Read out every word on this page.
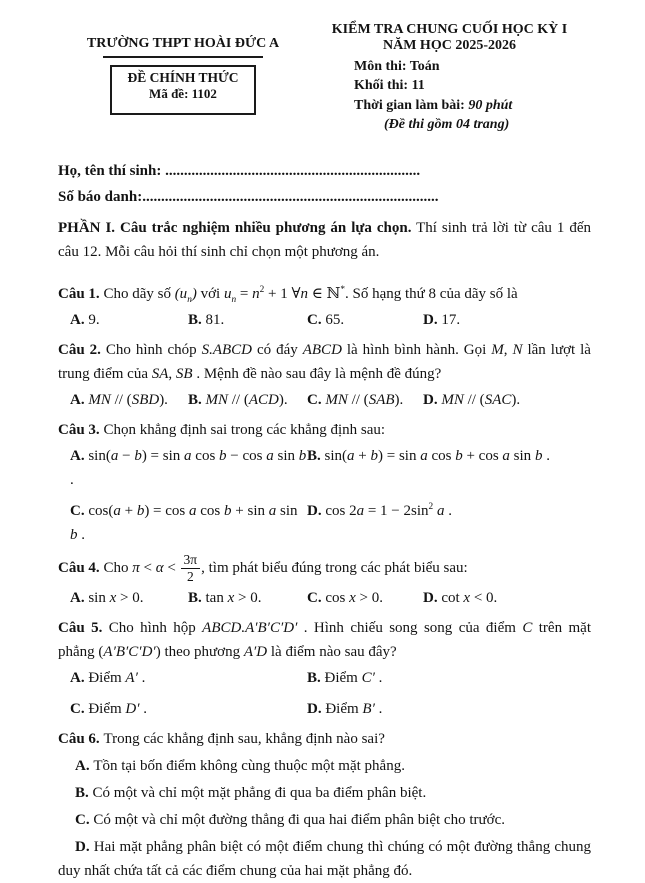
TRƯỜNG THPT HOÀI ĐỨC A
ĐỀ CHÍNH THỨC
Mã đề: 1102
KIỂM TRA CHUNG CUỐI HỌC KỲ I
NĂM HỌC 2025-2026
Môn thi: Toán
Khối thi: 11
Thời gian làm bài: 90 phút
(Đề thi gồm 04 trang)
Họ, tên thí sinh: ....................................................................
Số báo danh:...............................................................................

PHẦN I. Câu trắc nghiệm nhiều phương án lựa chọn. Thí sinh trả lời từ câu 1 đến câu 12. Mỗi câu hỏi thí sinh chỉ chọn một phương án.

Câu 1. Cho dãy số $(u_n)$ với $u_n = n^2 + 1$ ∀n ∈ ℕ*. Số hạng thứ 8 của dãy số là

A. 9.	B. 81.	C. 65.	D. 17.

Câu 2. Cho hình chóp S.ABCD có đáy ABCD là hình bình hành. Gọi M, N lần lượt là trung điểm của SA, SB . Mệnh đề nào sau đây là mệnh đề đúng?

A. MN // (SBD).	B. MN // (ACD).	C. MN // (SAB).	D. MN // (SAC).

Câu 3. Chọn khẳng định sai trong các khẳng định sau:

A. sin(a − b) = sin a cos b − cos a sin b .

B. sin(a + b) = sin a cos b + cos a sin b .

C. cos(a + b) = cos a cos b + sin a sin b .

D. $\cos 2a = 1 - 2\sin^2$ a .

Câu 4. Cho $\pi < \alpha < \frac{3\pi}{2}$ , tìm phát biểu đúng trong các phát biểu sau:

A. sin x > 0.	B. tan x > 0.	C. cos x > 0.	D. cot x < 0.

Câu 5. Cho hình hộp ABCD.A′B′C′D′ . Hình chiếu song song của điểm C trên mặt phẳng (A′B′C′D′) theo phương A′D là điểm nào sau đây?

A. Điểm A′ .	B. Điểm C′ .

C. Điểm D′ .	D. Điểm B′ .

Câu 6. Trong các khẳng định sau, khẳng định nào sai?

A. Tồn tại bốn điểm không cùng thuộc một mặt phẳng.

B. Có một và chỉ một mặt phẳng đi qua ba điểm phân biệt.

C. Có một và chỉ một đường thẳng đi qua hai điểm phân biệt cho trước.

D. Hai mặt phẳng phân biệt có một điểm chung thì chúng có một đường thẳng chung duy nhất chứa tất cả các điểm chung của hai mặt phẳng đó.
